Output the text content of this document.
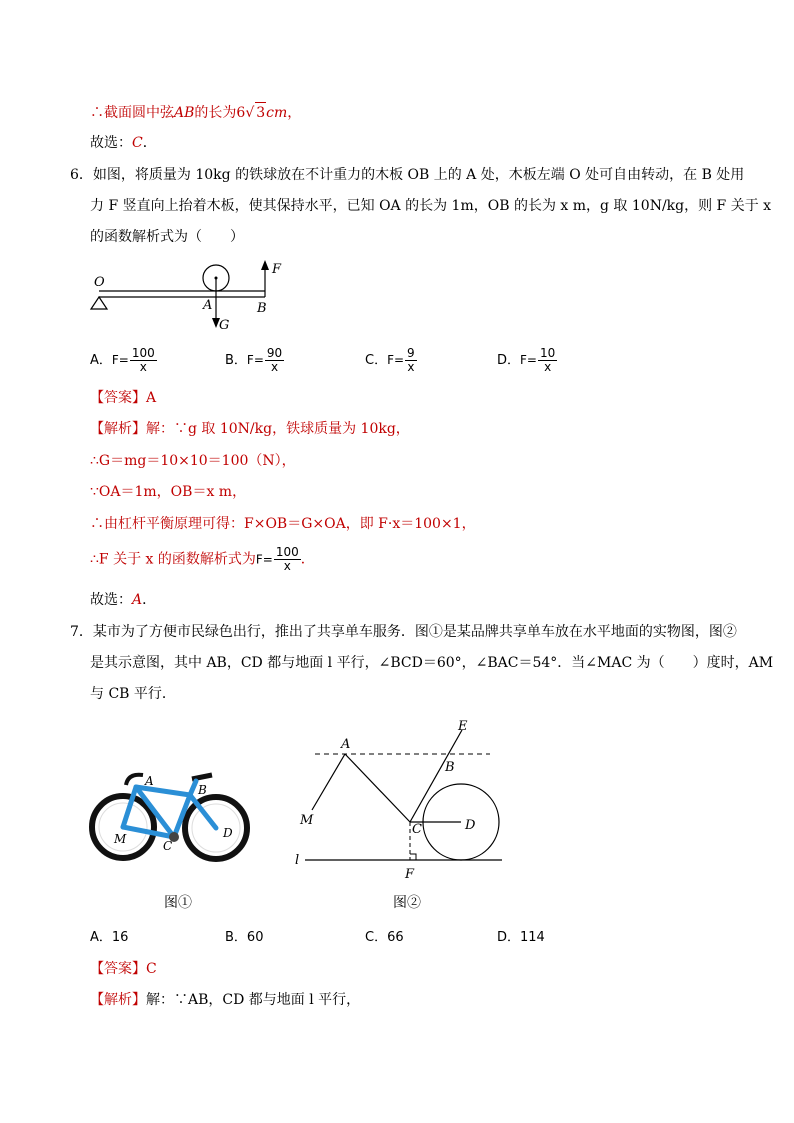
∴截面圆中弦AB的长为6√ 3cm，
故选：C．
6．如图，将质量为 10kg 的铁球放在不计重力的木板 OB 上的 A 处，木板左端 O 处可自由转动，在 B 处用
力 F 竖直向上抬着木板，使其保持水平，已知 OA 的长为 1m，OB 的长为 x m，g 取 10N/kg，则 F 关于 x
的函数解析式为（　　）
O
A	B
F
G
A．$F= \frac{100}{x}$	B．$F= \frac{90}{x}$	C．$F= \frac{9}{x}$	D．$F= \frac{10}{x}$
【答案】A
【解析】解：∵g 取 10N/kg，铁球质量为 10kg，
∴G＝mg＝10×10＝100（N），
∵OA＝1m，OB＝x m，
∴由杠杆平衡原理可得：F×OB＝G×OA，即 F·x＝100×1，
∴F 关于 x 的函数解析式为$F= \frac{100}{x}$ ．
故选：A．
7．某市为了方便市民绿色出行，推出了共享单车服务．图①是某品牌共享单车放在水平地面的实物图，图②
是其示意图，其中 AB，CD 都与地面 l 平行，∠BCD＝60°，∠BAC＝54°．当∠MAC 为（　　）度时，AM
与 CB 平行．
A
B
C
D
M
图①
A
B
C	D
E
M
F
l
图②
A．16	B．60	C．66	D．114
【答案】C
【解析】解：∵AB，CD 都与地面 l 平行，
